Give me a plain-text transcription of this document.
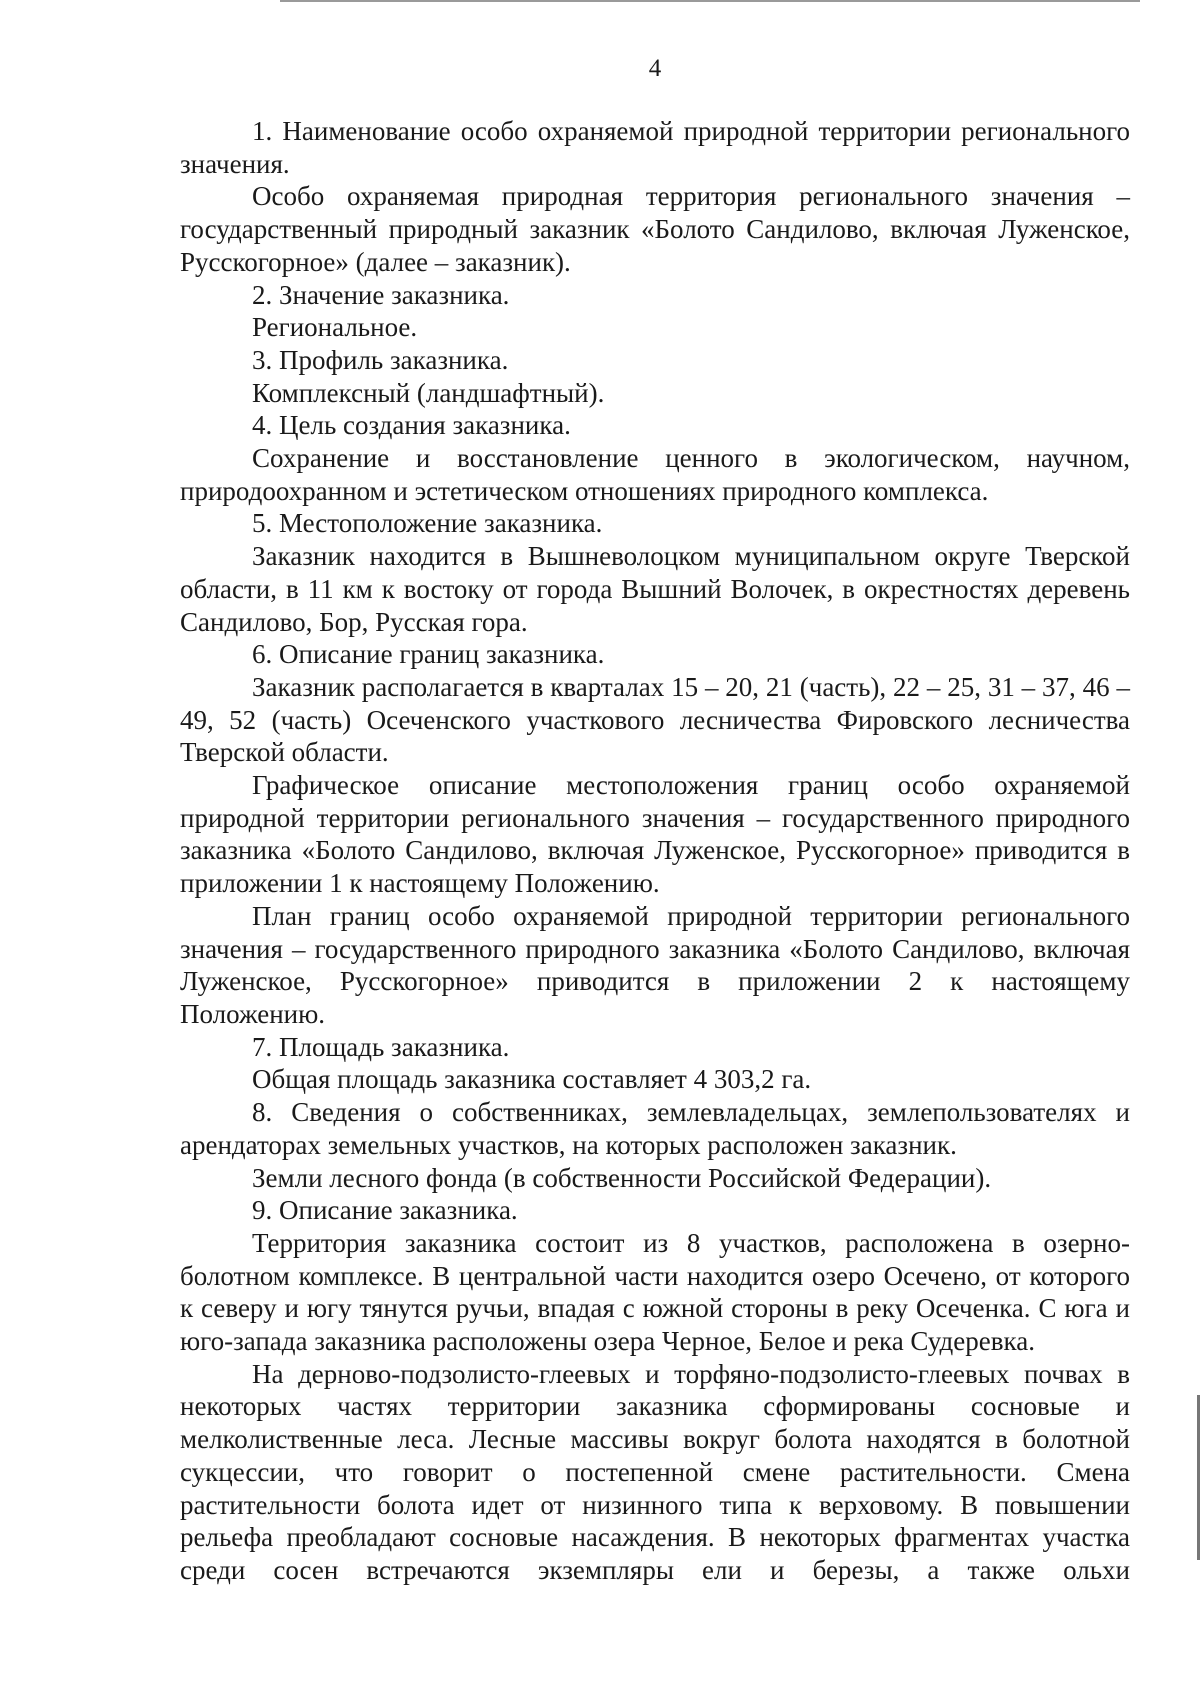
4

1. Наименование особо охраняемой природной территории регионального значения.

Особо охраняемая природная территория регионального значения – государственный природный заказник «Болото Сандилово, включая Луженское, Русскогорное» (далее – заказник).

2. Значение заказника.

Региональное.

3. Профиль заказника.

Комплексный (ландшафтный).

4. Цель создания заказника.

Сохранение и восстановление ценного в экологическом, научном, природоохранном и эстетическом отношениях природного комплекса.

5. Местоположение заказника.

Заказник находится в Вышневолоцком муниципальном округе Тверской области, в 11 км к востоку от города Вышний Волочек, в окрестностях деревень Сандилово, Бор, Русская гора.

6. Описание границ заказника.

Заказник располагается в кварталах 15 – 20, 21 (часть), 22 – 25, 31 – 37, 46 – 49, 52 (часть) Осеченского участкового лесничества Фировского лесничества Тверской области.

Графическое описание местоположения границ особо охраняемой природной территории регионального значения – государственного природного заказника «Болото Сандилово, включая Луженское, Русскогорное» приводится в приложении 1 к настоящему Положению.

План границ особо охраняемой природной территории регионального значения – государственного природного заказника «Болото Сандилово, включая Луженское, Русскогорное» приводится в приложении 2 к настоящему Положению.

7. Площадь заказника.

Общая площадь заказника составляет 4 303,2 га.

8. Сведения о собственниках, землевладельцах, землепользователях и арендаторах земельных участков, на которых расположен заказник.

Земли лесного фонда (в собственности Российской Федерации).

9. Описание заказника.

Территория заказника состоит из 8 участков, расположена в озерно-болотном комплексе. В центральной части находится озеро Осечено, от которого к северу и югу тянутся ручьи, впадая с южной стороны в реку Осеченка. С юга и юго-запада заказника расположены озера Черное, Белое и река Судеревка.

На дерново-подзолисто-глеевых и торфяно-подзолисто-глеевых почвах в некоторых частях территории заказника сформированы сосновые и мелколиственные леса. Лесные массивы вокруг болота находятся в болотной сукцессии, что говорит о постепенной смене растительности. Смена растительности болота идет от низинного типа к верховому. В повышении рельефа преобладают сосновые насаждения. В некоторых фрагментах участка среди сосен встречаются экземпляры ели и березы, а также ольхи
